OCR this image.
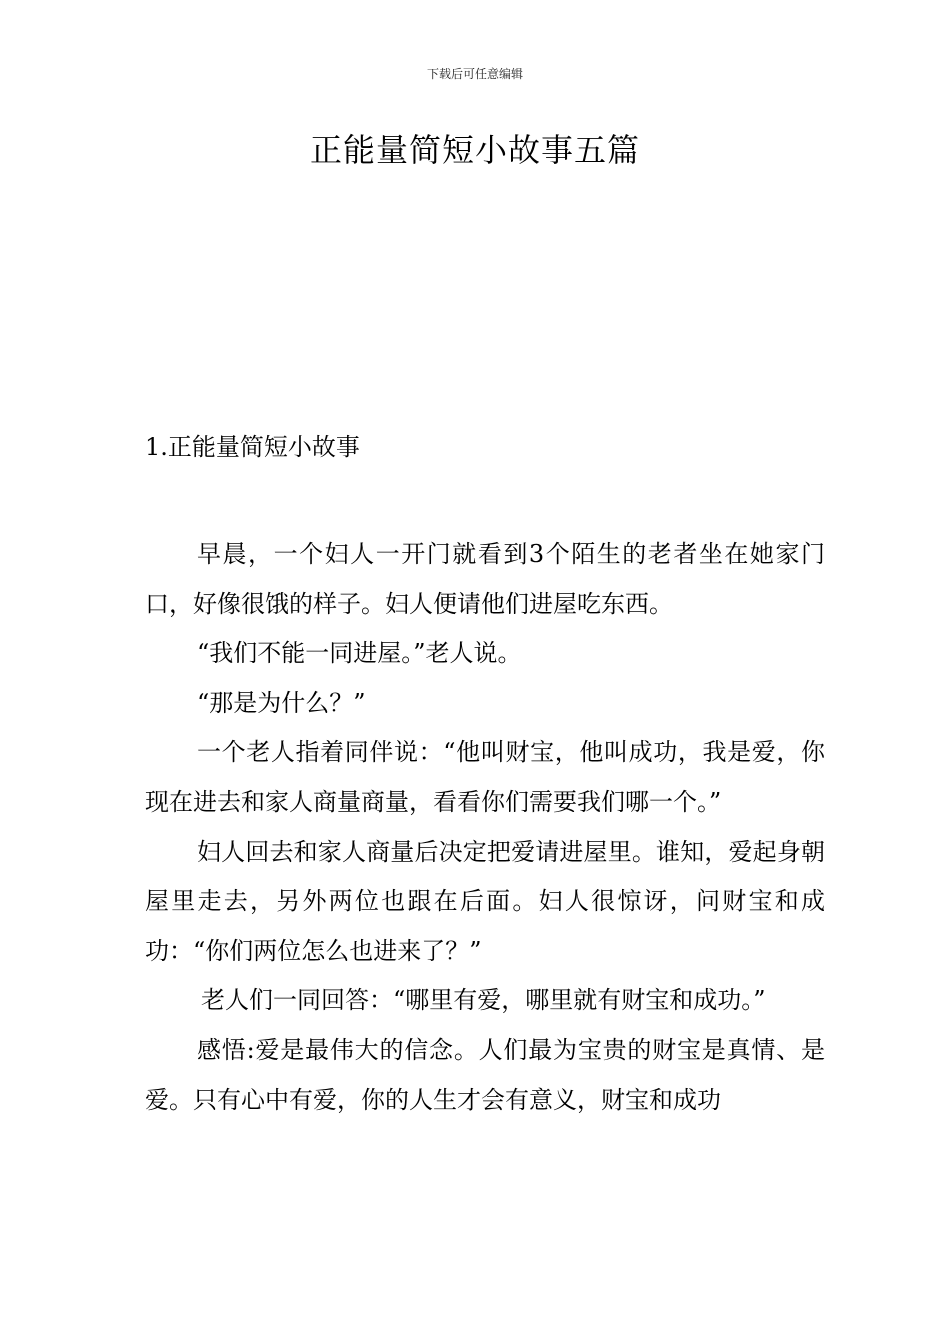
下载后可任意编辑
正能量简短小故事五篇
1.正能量简短小故事

早晨，一个妇人一开门就看到3个陌生的老者坐在她家门口，好像很饿的样子。妇人便请他们进屋吃东西。

“我们不能一同进屋。”老人说。

“那是为什么？”

一个老人指着同伴说：“他叫财宝，他叫成功，我是爱，你现在进去和家人商量商量，看看你们需要我们哪一个。”

妇人回去和家人商量后决定把爱请进屋里。谁知，爱起身朝屋里走去，另外两位也跟在后面。妇人很惊讶，问财宝和成功：“你们两位怎么也进来了？”

老人们一同回答：“哪里有爱，哪里就有财宝和成功。”

感悟:爱是最伟大的信念。人们最为宝贵的财宝是真情、是爱。只有心中有爱，你的人生才会有意义，财宝和成功
